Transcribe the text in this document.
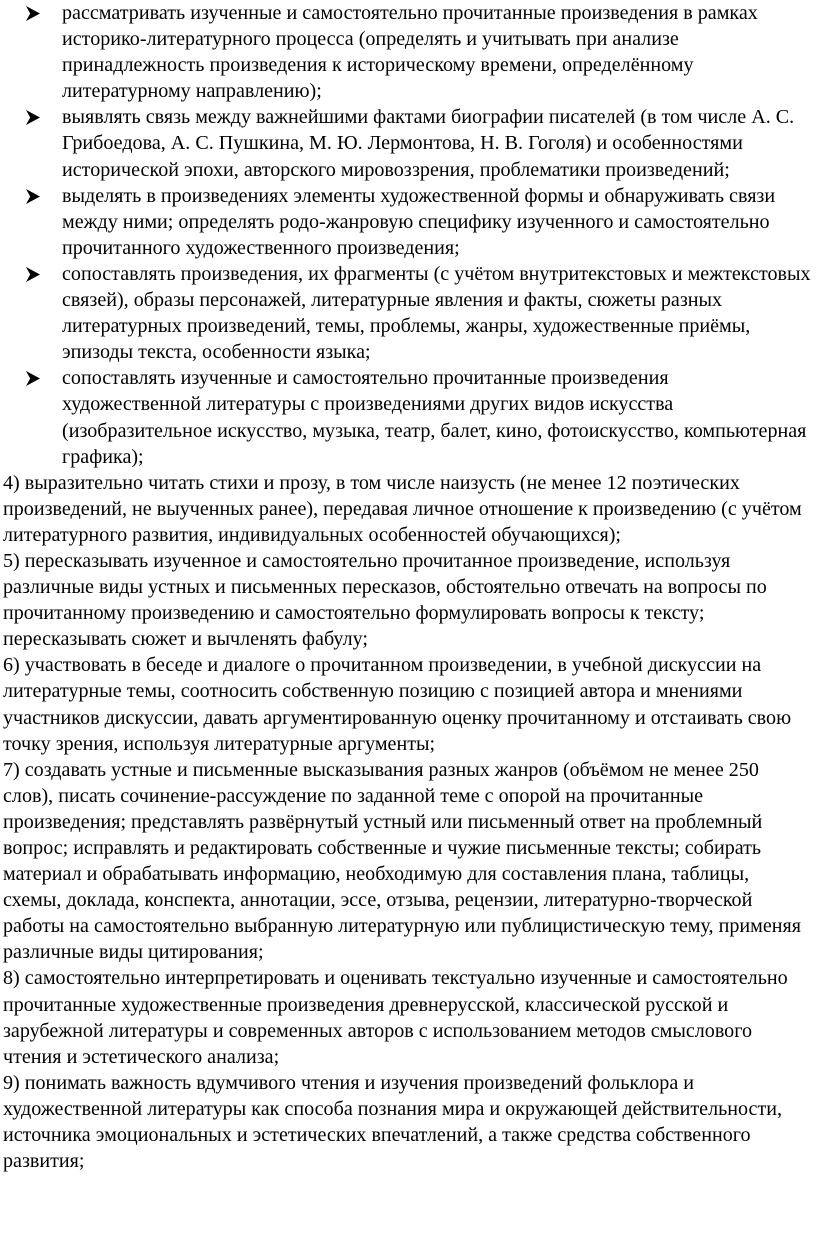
рассматривать изученные и самостоятельно прочитанные произведения в рамках историко-литературного процесса (определять и учитывать при анализе принадлежность произведения к историческому времени, определённому литературному направлению);
выявлять связь между важнейшими фактами биографии писателей (в том числе А. С. Грибоедова, А. С. Пушкина, М. Ю. Лермонтова, Н. В. Гоголя) и особенностями исторической эпохи, авторского мировоззрения, проблематики произведений;
выделять в произведениях элементы художественной формы и обнаруживать связи между ними; определять родо-жанровую специфику изученного и самостоятельно прочитанного художественного произведения;
сопоставлять произведения, их фрагменты (с учётом внутритекстовых и межтекстовых связей), образы персонажей, литературные явления и факты, сюжеты разных литературных произведений, темы, проблемы, жанры, художественные приёмы, эпизоды текста, особенности языка;
сопоставлять изученные и самостоятельно прочитанные произведения художественной литературы с произведениями других видов искусства (изобразительное искусство, музыка, театр, балет, кино, фотоискусство, компьютерная графика);

4) выразительно читать стихи и прозу, в том числе наизусть (не менее 12 поэтических произведений, не выученных ранее), передавая личное отношение к произведению (с учётом литературного развития, индивидуальных особенностей обучающихся);

5) пересказывать изученное и самостоятельно прочитанное произведение, используя различные виды устных и письменных пересказов, обстоятельно отвечать на вопросы по прочитанному произведению и самостоятельно формулировать вопросы к тексту; пересказывать сюжет и вычленять фабулу;

6) участвовать в беседе и диалоге о прочитанном произведении, в учебной дискуссии на литературные темы, соотносить собственную позицию с позицией автора и мнениями участников дискуссии, давать аргументированную оценку прочитанному и отстаивать свою точку зрения, используя литературные аргументы;

7) создавать устные и письменные высказывания разных жанров (объёмом не менее 250 слов), писать сочинение-рассуждение по заданной теме с опорой на прочитанные произведения; представлять развёрнутый устный или письменный ответ на проблемный вопрос; исправлять и редактировать собственные и чужие письменные тексты; собирать материал и обрабатывать информацию, необходимую для составления плана, таблицы, схемы, доклада, конспекта, аннотации, эссе, отзыва, рецензии, литературно-творческой работы на самостоятельно выбранную литературную или публицистическую тему, применяя различные виды цитирования;

8) самостоятельно интерпретировать и оценивать текстуально изученные и самостоятельно прочитанные художественные произведения древнерусской, классической русской и зарубежной литературы и современных авторов с использованием методов смыслового чтения и эстетического анализа;

9) понимать важность вдумчивого чтения и изучения произведений фольклора и художественной литературы как способа познания мира и окружающей действительности, источника эмоциональных и эстетических впечатлений, а также средства собственного развития;
